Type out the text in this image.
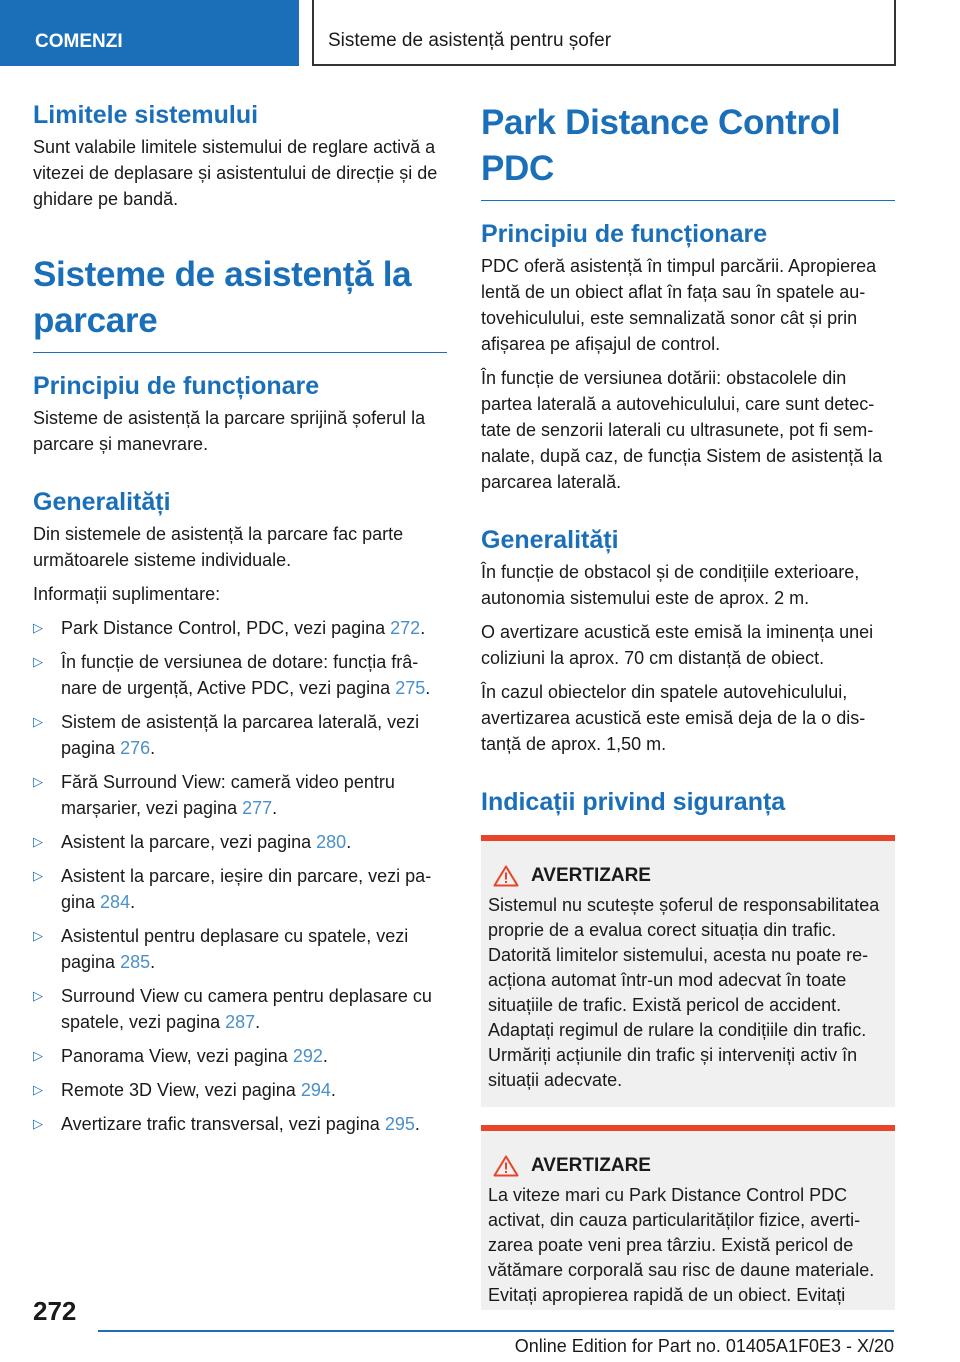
COMENZI	Sisteme de asistență pentru șofer
Limitele sistemului

Sunt valabile limitele sistemului de reglare activă a vitezei de deplasare și asistentului de direcție și de ghidare pe bandă.

Sisteme de asistență la parcare
Principiu de funcționare

Sisteme de asistență la parcare sprijină șoferul la parcare și manevrare.

Generalități

Din sistemele de asistență la parcare fac parte următoarele sisteme individuale.

Informații suplimentare:

▷ Park Distance Control, PDC, vezi pagina 272.
▷ În funcție de versiunea de dotare: funcția frânare de urgență, Active PDC, vezi pagina 275.
▷ Sistem de asistență la parcarea laterală, vezi pagina 276.
▷ Fără Surround View: cameră video pentru marșarier, vezi pagina 277.
▷ Asistent la parcare, vezi pagina 280.
▷ Asistent la parcare, ieșire din parcare, vezi pagina 284.
▷ Asistentul pentru deplasare cu spatele, vezi pagina 285.
▷ Surround View cu camera pentru deplasare cu spatele, vezi pagina 287.
▷ Panorama View, vezi pagina 292.
▷ Remote 3D View, vezi pagina 294.
▷ Avertizare trafic transversal, vezi pagina 295.
Park Distance Control PDC
Principiu de funcționare

PDC oferă asistență în timpul parcării. Apropierea lentă de un obiect aflat în fața sau în spatele autovehiculului, este semnalizată sonor cât și prin afișarea pe afișajul de control.

În funcție de versiunea dotării: obstacolele din partea laterală a autovehiculului, care sunt detectate de senzorii laterali cu ultrasunete, pot fi semnalate, după caz, de funcția Sistem de asistență la parcarea laterală.

Generalități

În funcție de obstacol și de condițiile exterioare, autonomia sistemului este de aprox. 2 m.

O avertizare acustică este emisă la iminența unei coliziuni la aprox. 70 cm distanță de obiect.

În cazul obiectelor din spatele autovehiculului, avertizarea acustică este emisă deja de la o distanță de aprox. 1,50 m.

Indicații privind siguranța
AVERTIZARE

Sistemul nu scutește șoferul de responsabilitatea proprie de a evalua corect situația din trafic. Datorită limitelor sistemului, acesta nu poate reacționa automat într-un mod adecvat în toate situațiile de trafic. Există pericol de accident. Adaptați regimul de rulare la condițiile din trafic. Urmăriți acțiunile din trafic și interveniți activ în situații adecvate.

AVERTIZARE

La viteze mari cu Park Distance Control PDC activat, din cauza particularităților fizice, avertizarea poate veni prea târziu. Există pericol de vătămare corporală sau risc de daune materiale. Evitați apropierea rapidă de un obiect. Evitați

272
Online Edition for Part no. 01405A1F0E3 - X/20
